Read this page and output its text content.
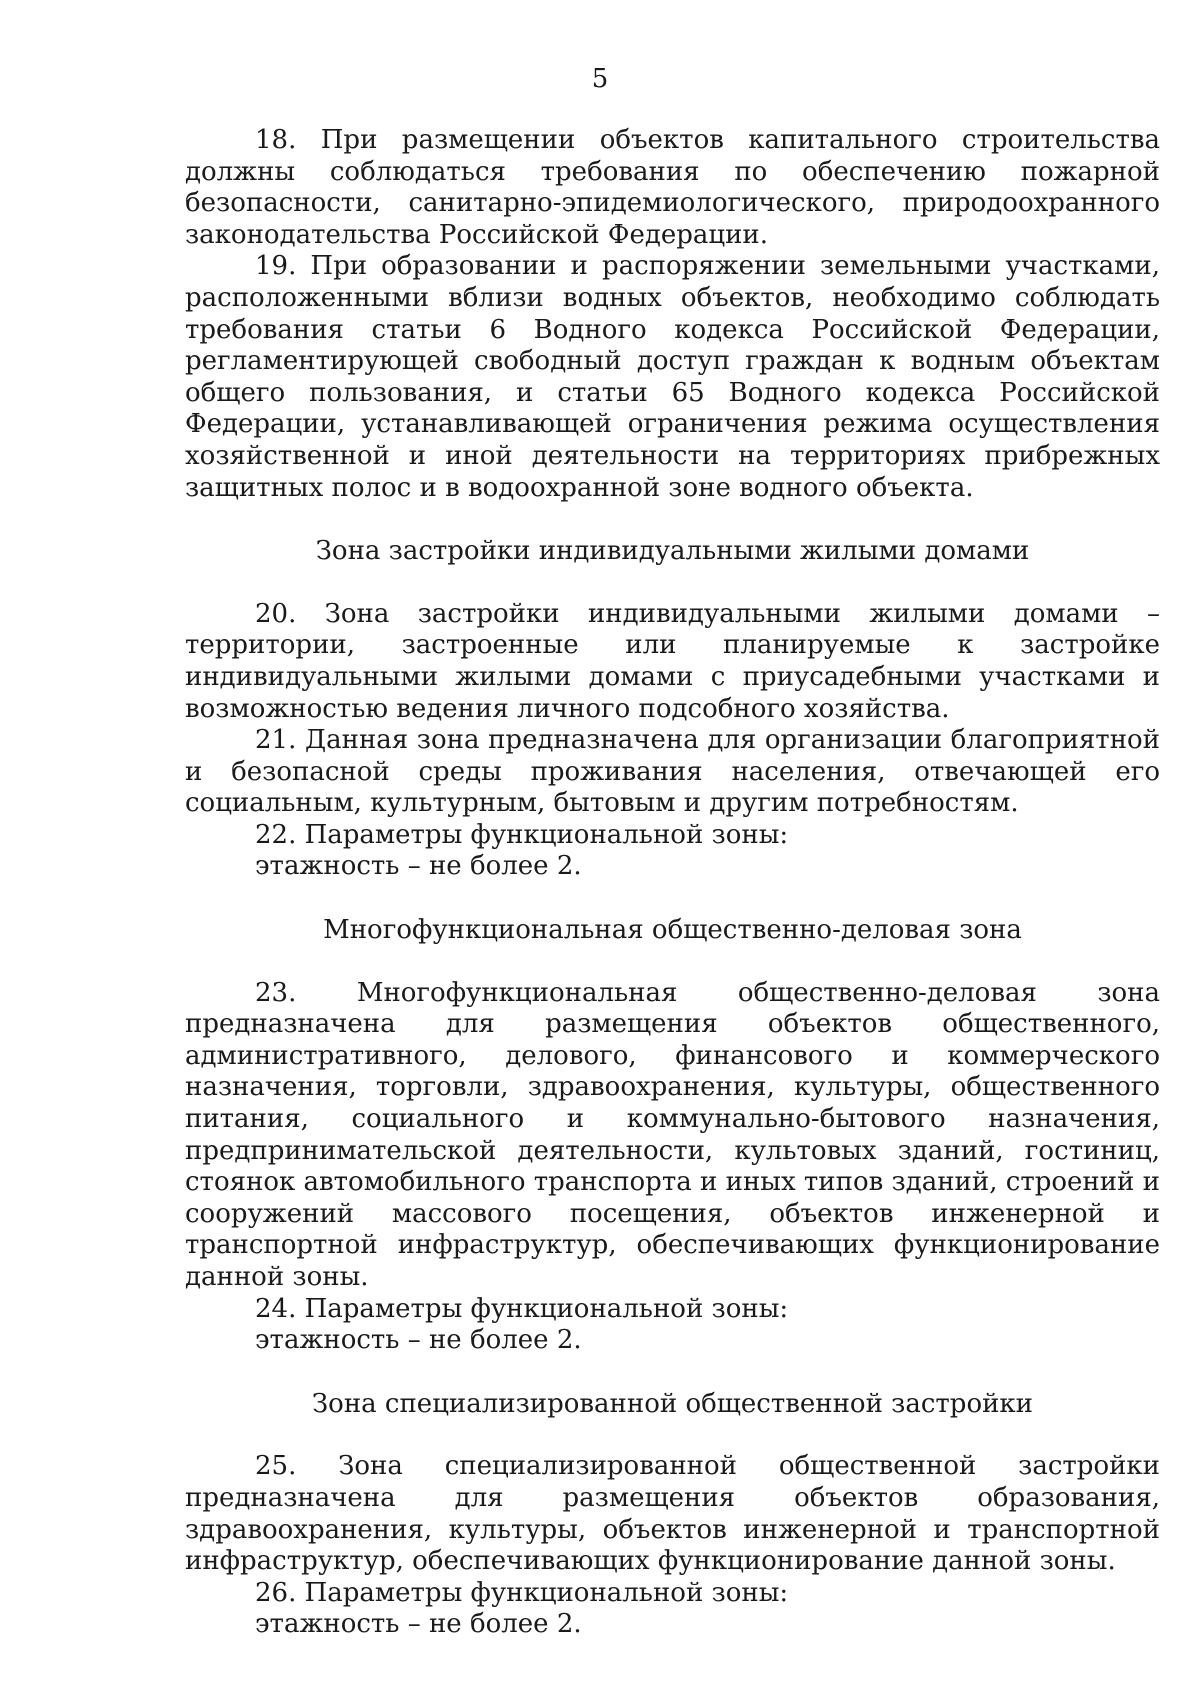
5

18. При размещении объектов капитального строительства должны соблюдаться требования по обеспечению пожарной безопасности, санитарно-эпидемиологического, природоохранного законодательства Российской Федерации.

19. При образовании и распоряжении земельными участками, расположенными вблизи водных объектов, необходимо соблюдать требования статьи 6 Водного кодекса Российской Федерации, регламентирующей свободный доступ граждан к водным объектам общего пользования, и статьи 65 Водного кодекса Российской Федерации, устанавливающей ограничения режима осуществления хозяйственной и иной деятельности на территориях прибрежных защитных полос и в водоохранной зоне водного объекта.

Зона застройки индивидуальными жилыми домами

20. Зона застройки индивидуальными жилыми домами – территории, застроенные или планируемые к застройке индивидуальными жилыми домами с приусадебными участками и возможностью ведения личного подсобного хозяйства.

21. Данная зона предназначена для организации благоприятной и безопасной среды проживания населения, отвечающей его социальным, культурным, бытовым и другим потребностям.

22. Параметры функциональной зоны:

этажность – не более 2.

Многофункциональная общественно-деловая зона

23. Многофункциональная общественно-деловая зона предназначена для размещения объектов общественного, административного, делового, финансового и коммерческого назначения, торговли, здравоохранения, культуры, общественного питания, социального и коммунально-бытового назначения, предпринимательской деятельности, культовых зданий, гостиниц, стоянок автомобильного транспорта и иных типов зданий, строений и сооружений массового посещения, объектов инженерной и транспортной инфраструктур, обеспечивающих функционирование данной зоны.

24. Параметры функциональной зоны:

этажность – не более 2.

Зона специализированной общественной застройки

25. Зона специализированной общественной застройки предназначена для размещения объектов образования, здравоохранения, культуры, объектов инженерной и транспортной инфраструктур, обеспечивающих функционирование данной зоны.

26. Параметры функциональной зоны:

этажность – не более 2.
